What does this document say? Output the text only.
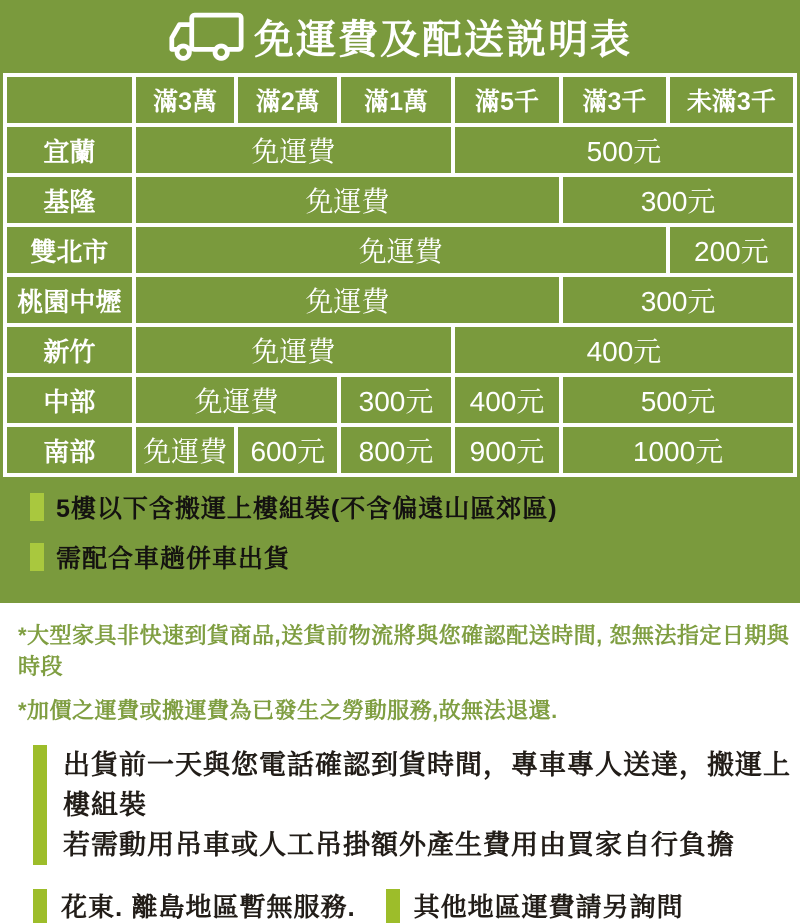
免運費及配送説明表
	滿3萬	滿2萬	滿1萬	滿5千	滿3千	未滿3千
宜蘭	免運費			500元		
基隆	免運費				300元	
雙北市	免運費					200元
桃園中壢	免運費				300元	
新竹	免運費			400元		
中部	免運費		300元	400元	500元	
南部	免運費	600元	800元	900元	1000元	
5樓以下含搬運上樓組裝(不含偏遠山區郊區)
需配合車趟併車出貨
*大型家具非快速到貨商品,送貨前物流將與您確認配送時間, 恕無法指定日期與時段
*加價之運費或搬運費為已發生之勞動服務,故無法退還.
出貨前一天與您電話確認到貨時間，專車專人送達，搬運上樓組裝
若需動用吊車或人工吊掛額外產生費用由買家自行負擔
花東. 離島地區暫無服務. 其他地區運費請另詢問
